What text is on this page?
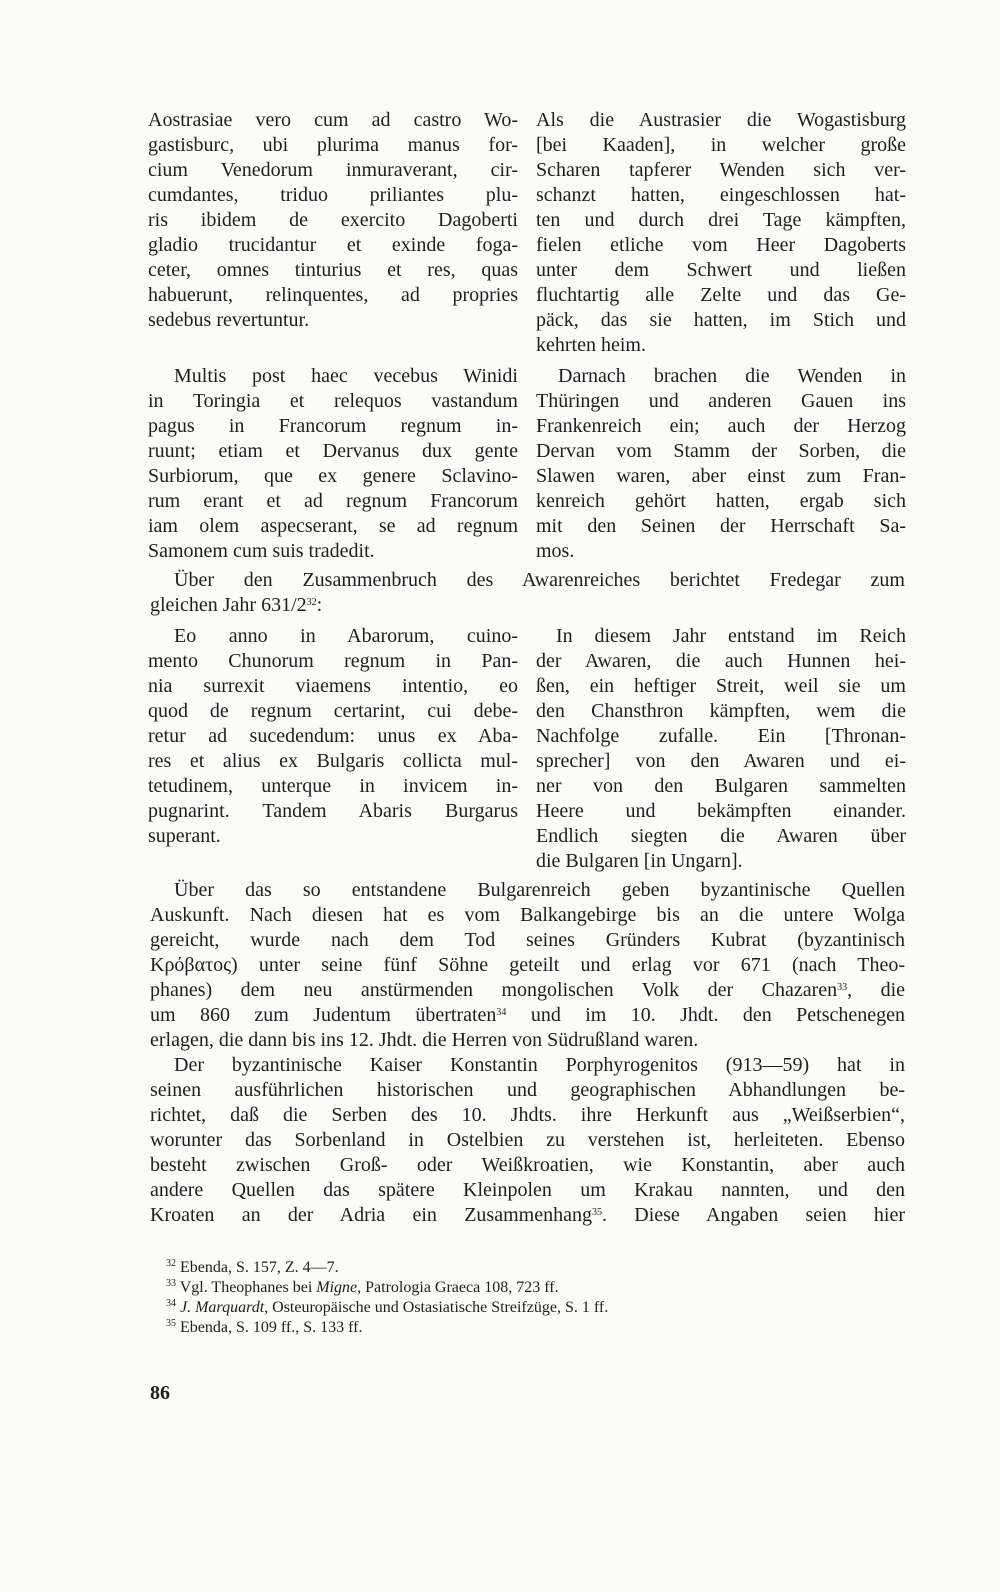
Aostrasiae vero cum ad castro Wo-
gastisburc, ubi plurima manus for-
cium Venedorum inmuraverant, cir-
cumdantes, triduo priliantes plu-
ris ibidem de exercito Dagoberti
gladio trucidantur et exinde foga-
ceter, omnes tinturius et res, quas
habuerunt, relinquentes, ad propries
sedebus revertuntur.
Als die Austrasier die Wogastisburg
[bei Kaaden], in welcher große
Scharen tapferer Wenden sich ver-
schanzt hatten, eingeschlossen hat-
ten und durch drei Tage kämpften,
fielen etliche vom Heer Dagoberts
unter dem Schwert und ließen
fluchtartig alle Zelte und das Ge-
päck, das sie hatten, im Stich und
kehrten heim.
Multis post haec vecebus Winidi
in Toringia et relequos vastandum
pagus in Francorum regnum in-
ruunt; etiam et Dervanus dux gente
Surbiorum, que ex genere Sclavino-
rum erant et ad regnum Francorum
iam olem aspecserant, se ad regnum
Samonem cum suis tradedit.
Darnach brachen die Wenden in
Thüringen und anderen Gauen ins
Frankenreich ein; auch der Herzog
Dervan vom Stamm der Sorben, die
Slawen waren, aber einst zum Fran-
kenreich gehört hatten, ergab sich
mit den Seinen der Herrschaft Sa-
mos.
Über den Zusammenbruch des Awarenreiches berichtet Fredegar zum
gleichen Jahr $631/2^{32}$:
Eo anno in Abarorum, cuino-
mento Chunorum regnum in Pan-
nia surrexit viaemens intentio, eo
quod de regnum certarint, cui debe-
retur ad sucedendum: unus ex Aba-
res et alius ex Bulgaris collicta mul-
tetudinem, unterque in invicem in-
pugnarint. Tandem Abaris Burgarus
superant.
In diesem Jahr entstand im Reich
der Awaren, die auch Hunnen hei-
ßen, ein heftiger Streit, weil sie um
den Chansthron kämpften, wem die
Nachfolge zufalle. Ein [Thronan-
sprecher] von den Awaren und ei-
ner von den Bulgaren sammelten
Heere und bekämpften einander.
Endlich siegten die Awaren über
die Bulgaren [in Ungarn].
Über das so entstandene Bulgarenreich geben byzantinische Quellen
Auskunft. Nach diesen hat es vom Balkangebirge bis an die untere Wolga
gereicht, wurde nach dem Tod seines Gründers Kubrat (byzantinisch
Κρόβατος) unter seine fünf Söhne geteilt und erlag vor 671 (nach Theo-
phanes) dem neu anstürmenden mongolischen Volk der Chazaren$^{33}$, die
um 860 zum Judentum übertraten$^{34}$ und im 10. Jhdt. den Petschenegen
erlagen, die dann bis ins 12. Jhdt. die Herren von Südrußland waren.
Der byzantinische Kaiser Konstantin Porphyrogenitos (913—59) hat in
seinen ausführlichen historischen und geographischen Abhandlungen be-
richtet, daß die Serben des 10. Jhdts. ihre Herkunft aus „Weißserbien“,
worunter das Sorbenland in Ostelbien zu verstehen ist, herleiteten. Ebenso
besteht zwischen Groß- oder Weißkroatien, wie Konstantin, aber auch
andere Quellen das spätere Kleinpolen um Krakau nannten, und den
Kroaten an der Adria ein Zusammenhang$^{35}$. Diese Angaben seien hier
$^{32}$ Ebenda, S. 157, Z. 4—7.
$^{33}$ Vgl. Theophanes bei Migne, Patrologia Graeca 108, 723 ff.
$^{34}$ J. Marquardt, Osteuropäische und Ostasiatische Streifzüge, S. 1 ff.
$^{35}$ Ebenda, S. 109 ff., S. 133 ff.
86
